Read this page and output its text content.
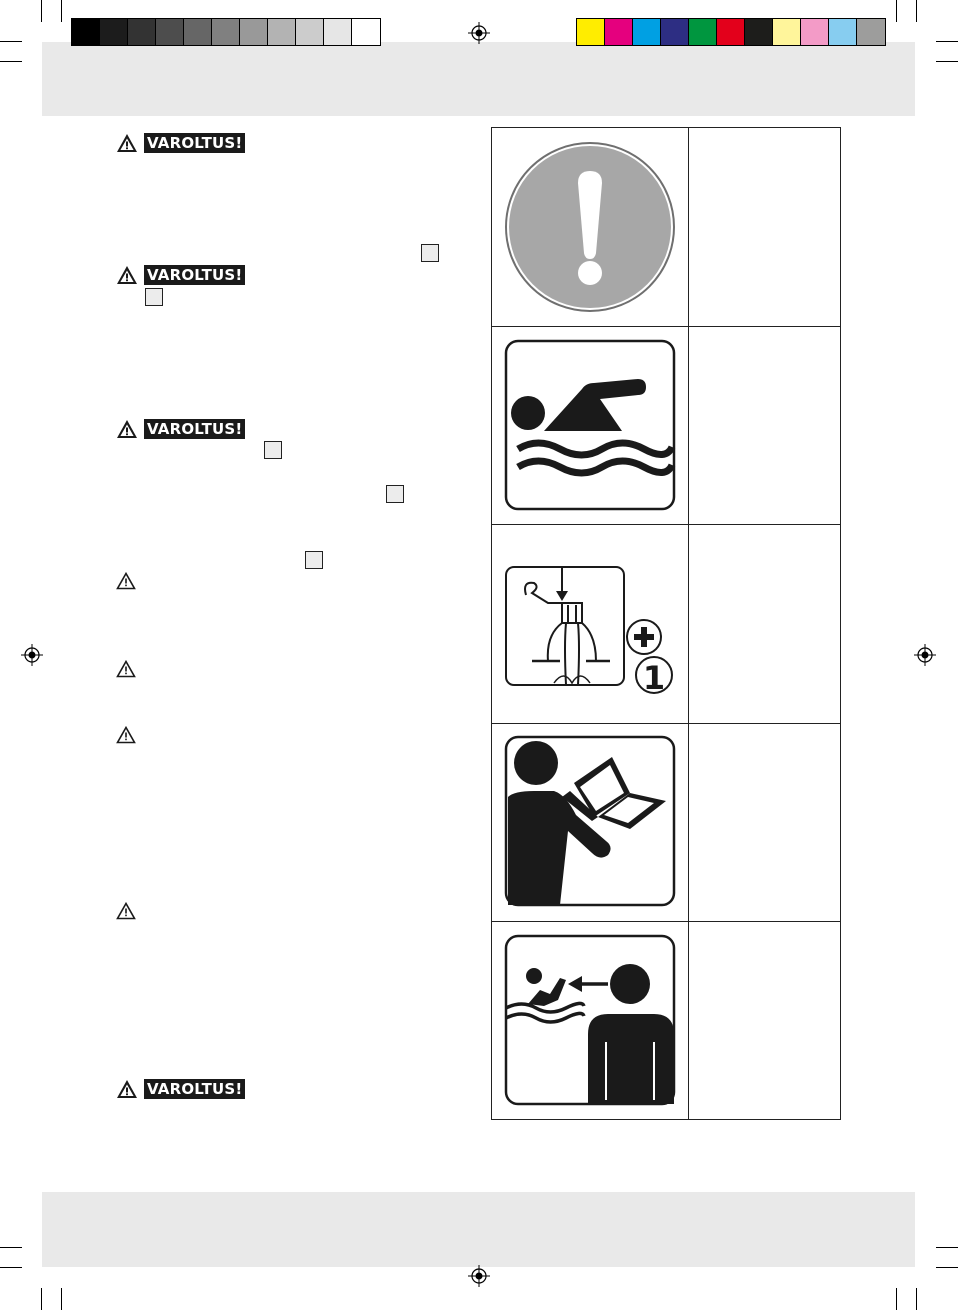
VAROLTUS!
VAROLTUS!
VAROLTUS!
VAROLTUS!
1
